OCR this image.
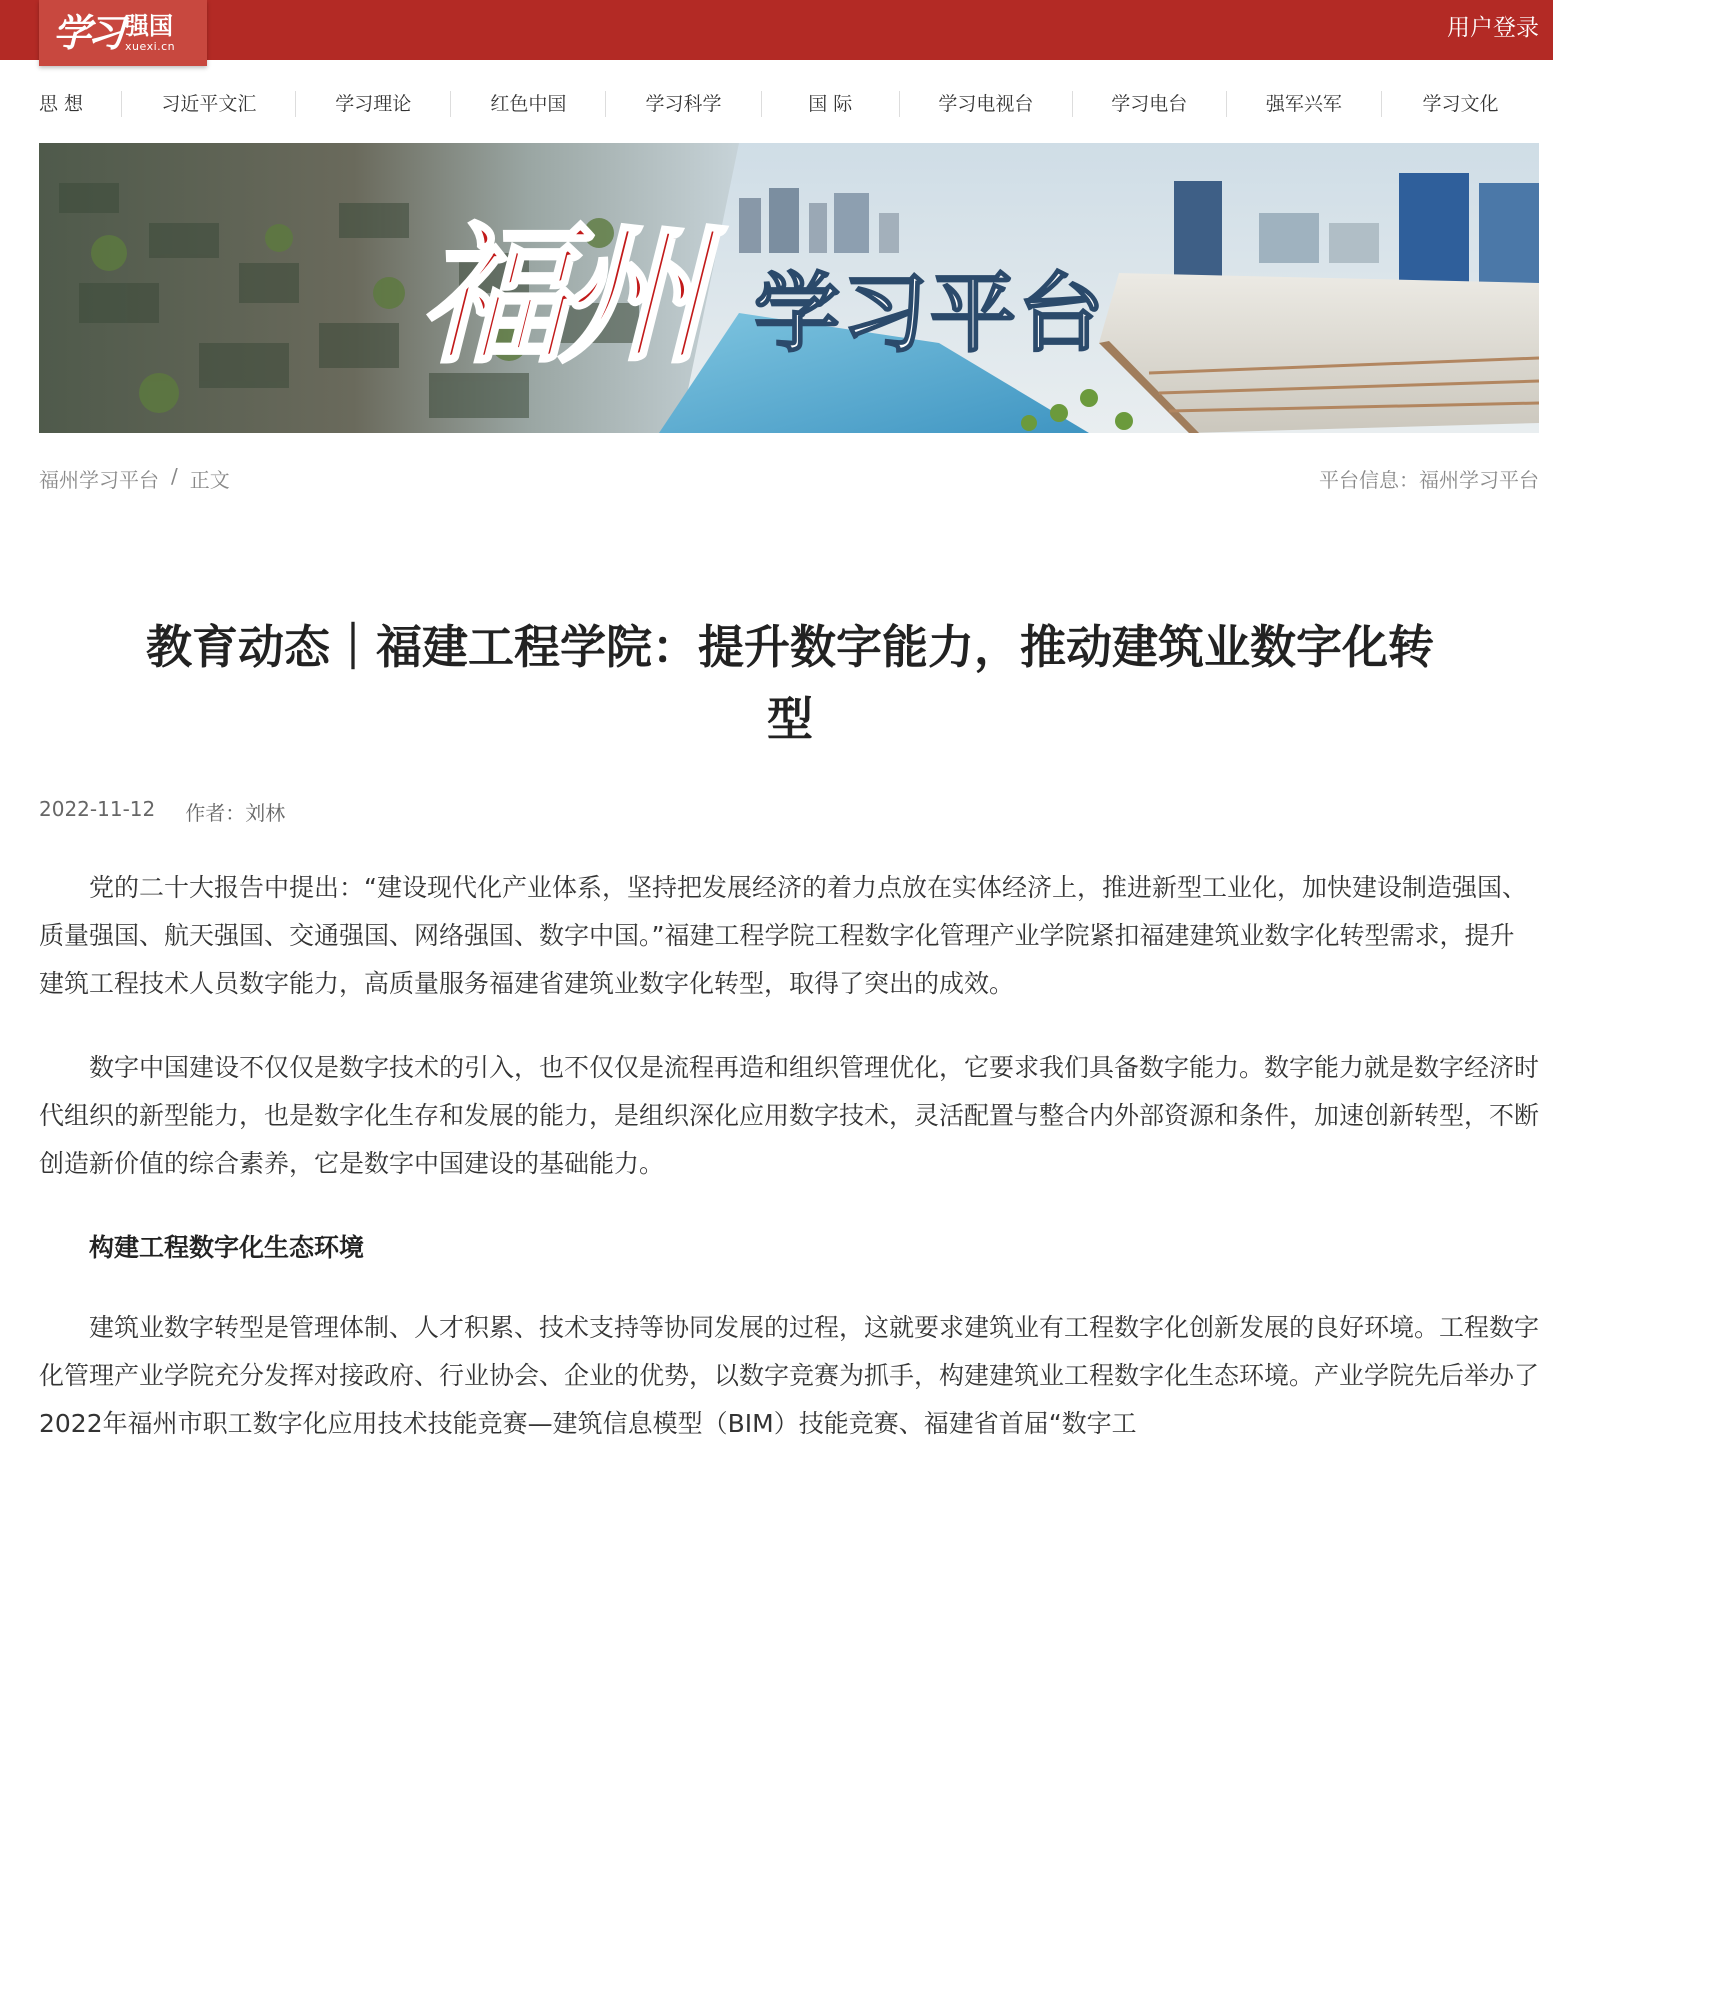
学习 强国
xuexi.cn
用户登录
思 想	习近平文汇	学习理论	红色中国	学习科学	国 际	学习电视台	学习电台	强军兴军	学习文化
福州 学习平台
福州学习平台 / 正文	平台信息：福州学习平台
教育动态｜福建工程学院：提升数字能力，推动建筑业数字化转型
2022-11-12 作者：刘林

党的二十大报告中提出：“建设现代化产业体系，坚持把发展经济的着力点放在实体经济上，推进新型工业化，加快建设制造强国、质量强国、航天强国、交通强国、网络强国、数字中国。”福建工程学院工程数字化管理产业学院紧扣福建建筑业数字化转型需求，提升建筑工程技术人员数字能力，高质量服务福建省建筑业数字化转型，取得了突出的成效。

数字中国建设不仅仅是数字技术的引入，也不仅仅是流程再造和组织管理优化，它要求我们具备数字能力。数字能力就是数字经济时代组织的新型能力，也是数字化生存和发展的能力，是组织深化应用数字技术，灵活配置与整合内外部资源和条件，加速创新转型，不断创造新价值的综合素养，它是数字中国建设的基础能力。

构建工程数字化生态环境

建筑业数字转型是管理体制、人才积累、技术支持等协同发展的过程，这就要求建筑业有工程数字化创新发展的良好环境。工程数字化管理产业学院充分发挥对接政府、行业协会、企业的优势，以数字竞赛为抓手，构建建筑业工程数字化生态环境。产业学院先后举办了2022年福州市职工数字化应用技术技能竞赛—建筑信息模型（BIM）技能竞赛、福建省首届“数字工
